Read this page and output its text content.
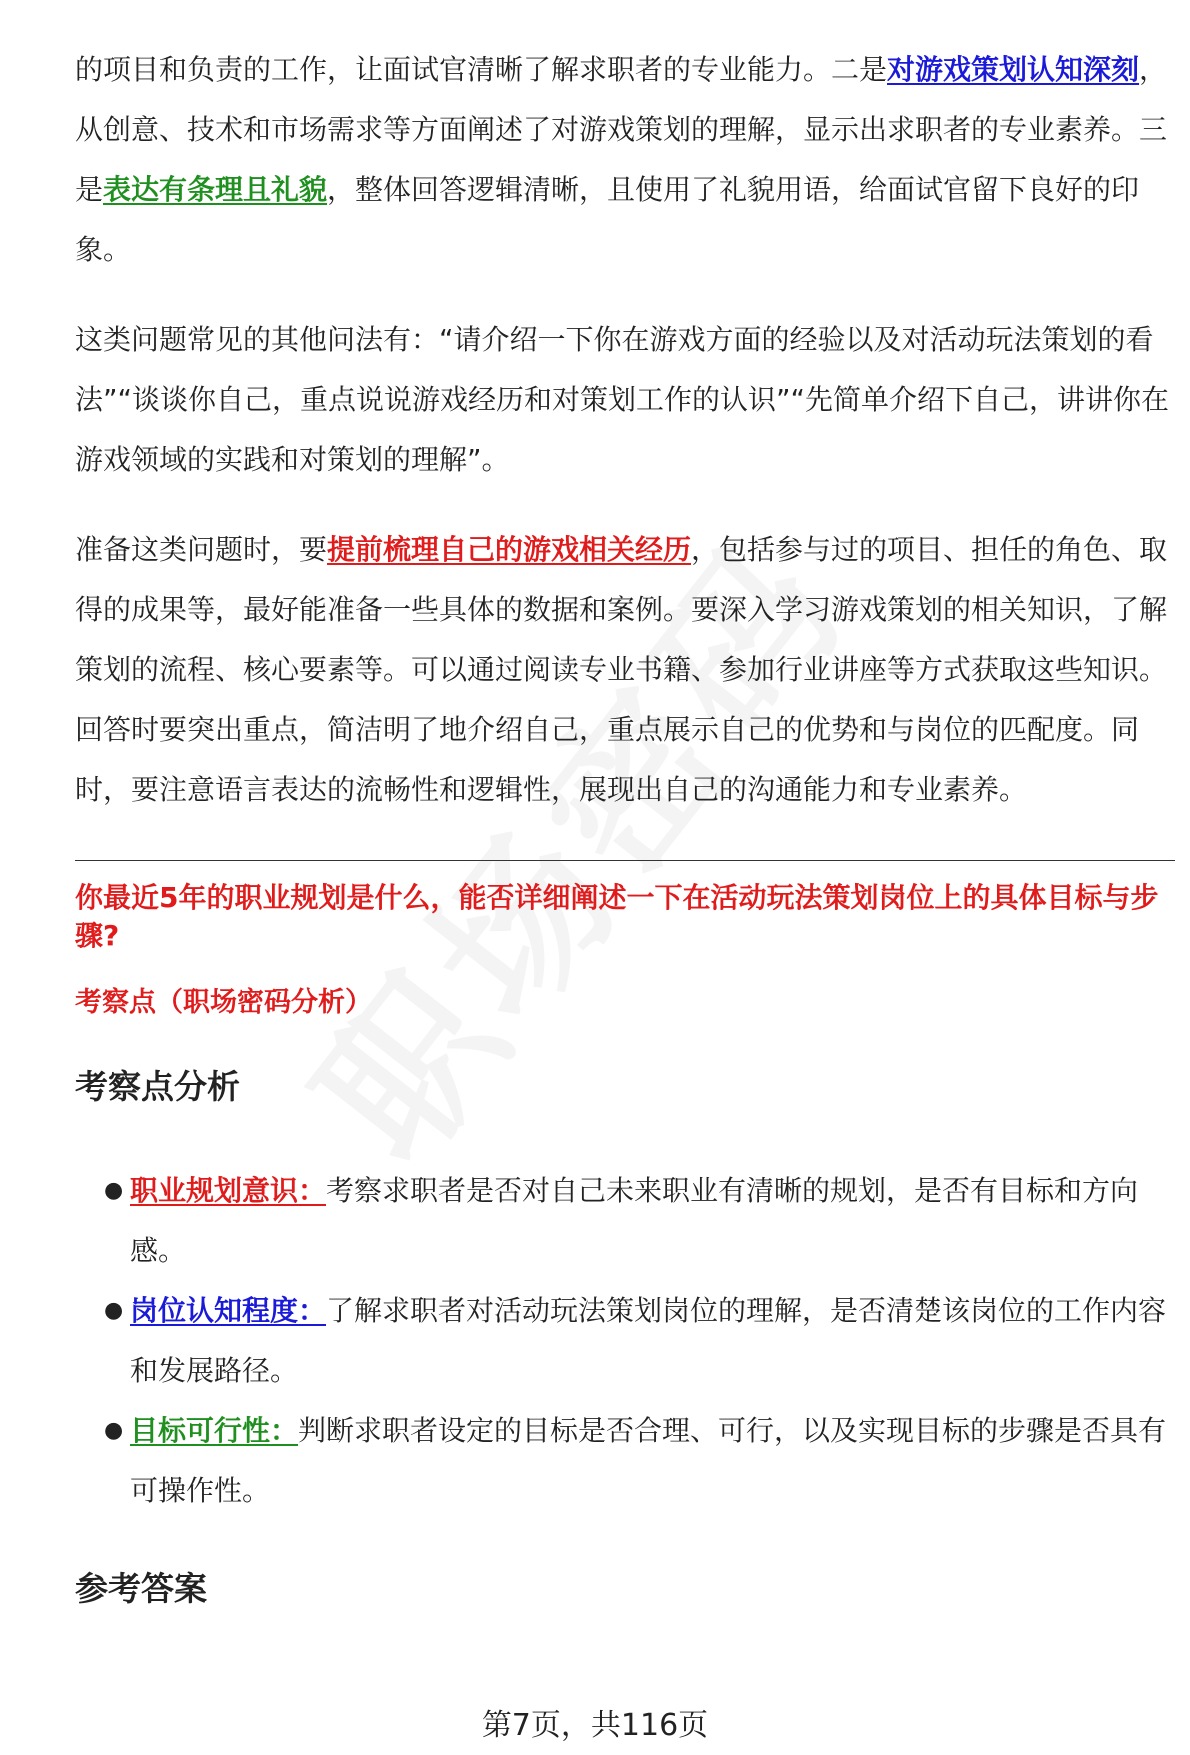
的项目和负责的工作，让面试官清晰了解求职者的专业能力。二是对游戏策划认知深刻，从创意、技术和市场需求等方面阐述了对游戏策划的理解，显示出求职者的专业素养。三是表达有条理且礼貌，整体回答逻辑清晰，且使用了礼貌用语，给面试官留下良好的印象。

这类问题常见的其他问法有：“请介绍一下你在游戏方面的经验以及对活动玩法策划的看法”“谈谈你自己，重点说说游戏经历和对策划工作的认识”“先简单介绍下自己，讲讲你在游戏领域的实践和对策划的理解”。

准备这类问题时，要提前梳理自己的游戏相关经历，包括参与过的项目、担任的角色、取得的成果等，最好能准备一些具体的数据和案例。要深入学习游戏策划的相关知识，了解策划的流程、核心要素等。可以通过阅读专业书籍、参加行业讲座等方式获取这些知识。回答时要突出重点，简洁明了地介绍自己，重点展示自己的优势和与岗位的匹配度。同时，要注意语言表达的流畅性和逻辑性，展现出自己的沟通能力和专业素养。

你最近5年的职业规划是什么，能否详细阐述一下在活动玩法策划岗位上的具体目标与步骤?

考察点（职场密码分析）

考察点分析

● 职业规划意识：考察求职者是否对自己未来职业有清晰的规划，是否有目标和方向感。
● 岗位认知程度：了解求职者对活动玩法策划岗位的理解，是否清楚该岗位的工作内容和发展路径。
● 目标可行性：判断求职者设定的目标是否合理、可行，以及实现目标的步骤是否具有可操作性。

参考答案

第7页，共116页
